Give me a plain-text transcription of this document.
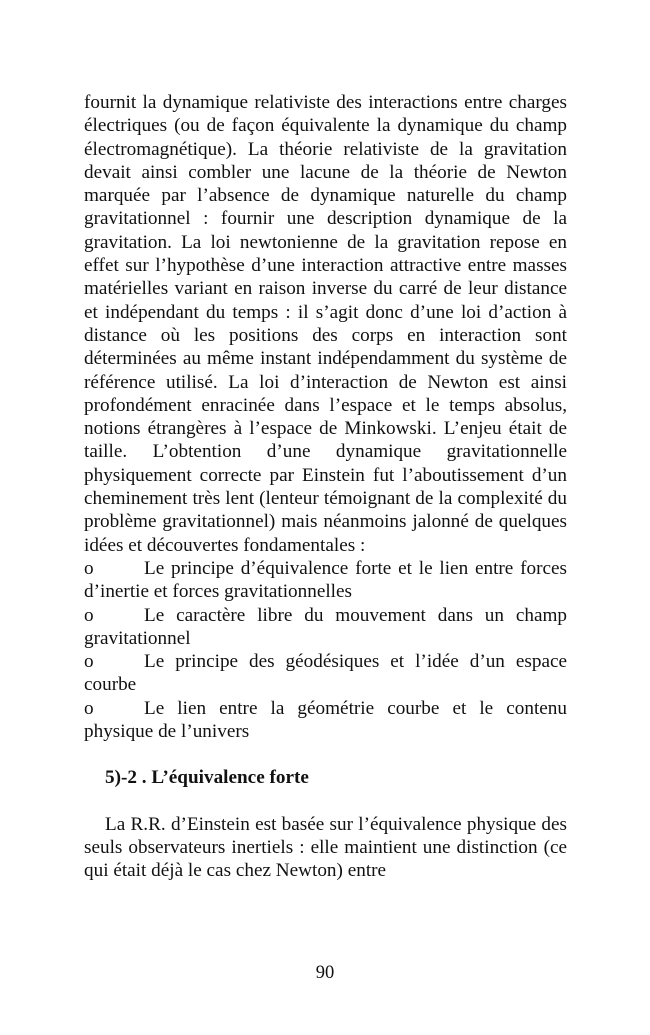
fournit la dynamique relativiste des interactions entre charges électriques (ou de façon équivalente la dynamique du champ électromagnétique). La théorie relativiste de la gravitation devait ainsi combler une lacune de la théorie de Newton marquée par l’absence de dynamique naturelle du champ gravitationnel : fournir une description dynamique de la gravitation. La loi newtonienne de la gravitation repose en effet sur l’hypothèse d’une interaction attractive entre masses matérielles variant en raison inverse du carré de leur distance et indépendant du temps : il s’agit donc d’une loi d’action à distance où les positions des corps en interaction sont déterminées au même instant indépendamment du système de référence utilisé. La loi d’interaction de Newton est ainsi profondément enracinée dans l’espace et le temps absolus, notions étrangères à l’espace de Minkowski. L’enjeu était de taille. L’obtention d’une dynamique gravitationnelle physiquement correcte par Einstein fut l’aboutissement d’un cheminement très lent (lenteur témoignant de la complexité du problème gravitationnel) mais néanmoins jalonné de quelques idées et découvertes fondamentales :

o	Le principe d’équivalence forte et le lien entre forces d’inertie et forces gravitationnelles
o	Le caractère libre du mouvement dans un champ gravitationnel
o	Le principe des géodésiques et l’idée d’un espace courbe
o	Le lien entre la géométrie courbe et le contenu physique de l’univers
5)-2 . L’équivalence forte

La R.R. d’Einstein est basée sur l’équivalence physique des seuls observateurs inertiels : elle maintient une distinction (ce qui était déjà le cas chez Newton) entre

90
